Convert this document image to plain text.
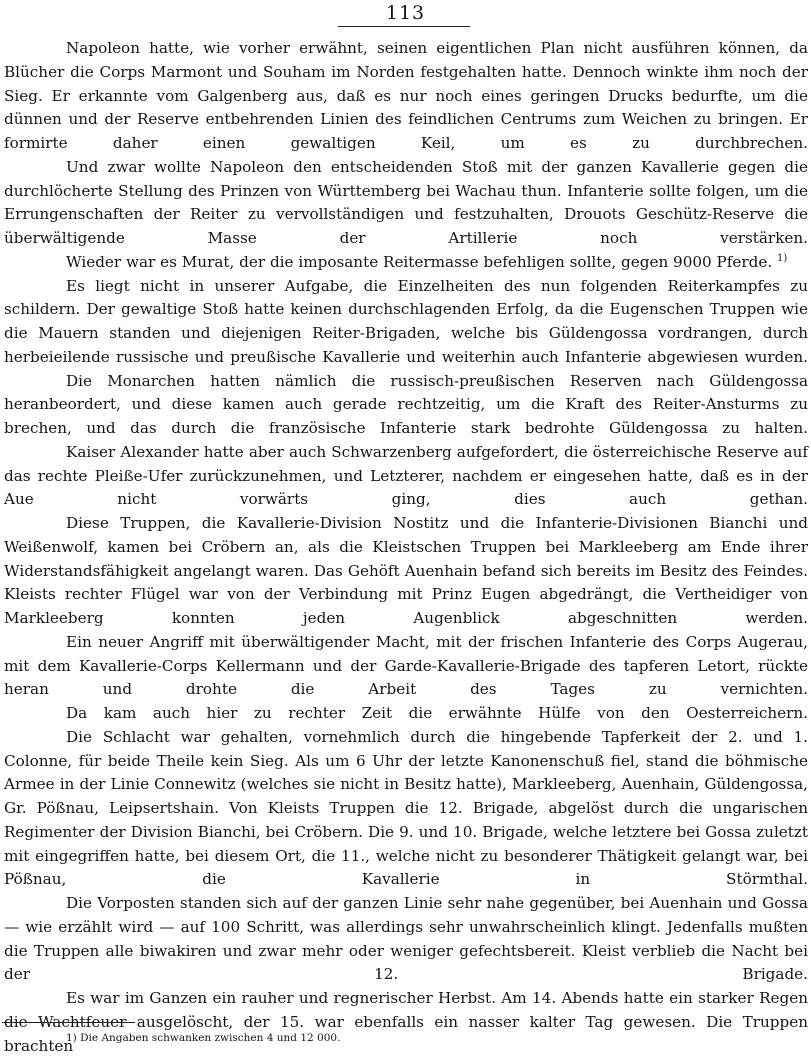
113

Napoleon hatte, wie vorher erwähnt, seinen eigentlichen Plan nicht ausführen können, da Blücher die Corps Marmont und Souham im Norden festgehalten hatte. Dennoch winkte ihm noch der Sieg. Er erkannte vom Galgenberg aus, daß es nur noch eines geringen Drucks bedurfte, um die dünnen und der Reserve entbehrenden Linien des feindlichen Centrums zum Weichen zu bringen. Er formirte daher einen gewaltigen Keil, um es zu durchbrechen.

Und zwar wollte Napoleon den entscheidenden Stoß mit der ganzen Kavallerie gegen die durchlöcherte Stellung des Prinzen von Württemberg bei Wachau thun. Infanterie sollte folgen, um die Errungenschaften der Reiter zu vervollständigen und festzuhalten, Drouots Geschütz-Reserve die überwältigende Masse der Artillerie noch verstärken.

Wieder war es Murat, der die imposante Reitermasse befehligen sollte, gegen 9000 Pferde. $^{1)}$

Es liegt nicht in unserer Aufgabe, die Einzelheiten des nun folgenden Reiterkampfes zu schildern. Der gewaltige Stoß hatte keinen durchschlagenden Erfolg, da die Eugenschen Truppen wie die Mauern standen und diejenigen Reiter-Brigaden, welche bis Güldengossa vordrangen, durch herbeieilende russische und preußische Kavallerie und weiterhin auch Infanterie abgewiesen wurden.

Die Monarchen hatten nämlich die russisch-preußischen Reserven nach Güldengossa heranbeordert, und diese kamen auch gerade rechtzeitig, um die Kraft des Reiter-Ansturms zu brechen, und das durch die französische Infanterie stark bedrohte Güldengossa zu halten.

Kaiser Alexander hatte aber auch Schwarzenberg aufgefordert, die österreichische Reserve auf das rechte Pleiße-Ufer zurückzunehmen, und Letzterer, nachdem er eingesehen hatte, daß es in der Aue nicht vorwärts ging, dies auch gethan.

Diese Truppen, die Kavallerie-Division Nostitz und die Infanterie-Divisionen Bianchi und Weißenwolf, kamen bei Cröbern an, als die Kleistschen Truppen bei Markleeberg am Ende ihrer Widerstandsfähigkeit angelangt waren. Das Gehöft Auenhain befand sich bereits im Besitz des Feindes. Kleists rechter Flügel war von der Verbindung mit Prinz Eugen abgedrängt, die Vertheidiger von Markleeberg konnten jeden Augenblick abgeschnitten werden.

Ein neuer Angriff mit überwältigender Macht, mit der frischen Infanterie des Corps Augerau, mit dem Kavallerie-Corps Kellermann und der Garde-Kavallerie-Brigade des tapferen Letort, rückte heran und drohte die Arbeit des Tages zu vernichten.

Da kam auch hier zu rechter Zeit die erwähnte Hülfe von den Oesterreichern.

Die Schlacht war gehalten, vornehmlich durch die hingebende Tapferkeit der 2. und 1. Colonne, für beide Theile kein Sieg. Als um 6 Uhr der letzte Kanonenschuß fiel, stand die böhmische Armee in der Linie Connewitz (welches sie nicht in Besitz hatte), Markleeberg, Auenhain, Güldengossa, Gr. Pößnau, Leipsertshain. Von Kleists Truppen die 12. Brigade, abgelöst durch die ungarischen Regimenter der Division Bianchi, bei Cröbern. Die 9. und 10. Brigade, welche letztere bei Gossa zuletzt mit eingegriffen hatte, bei diesem Ort, die 11., welche nicht zu besonderer Thätigkeit gelangt war, bei Pößnau, die Kavallerie in Störmthal.

Die Vorposten standen sich auf der ganzen Linie sehr nahe gegenüber, bei Auenhain und Gossa — wie erzählt wird — auf 100 Schritt, was allerdings sehr unwahrscheinlich klingt. Jedenfalls mußten die Truppen alle biwakiren und zwar mehr oder weniger gefechtsbereit. Kleist verblieb die Nacht bei der 12. Brigade.

Es war im Ganzen ein rauher und regnerischer Herbst. Am 14. Abends hatte ein starker Regen die Wachtfeuer ausgelöscht, der 15. war ebenfalls ein nasser kalter Tag gewesen. Die Truppen brachten

1) Die Angaben schwanken zwischen 4 und 12 000.
